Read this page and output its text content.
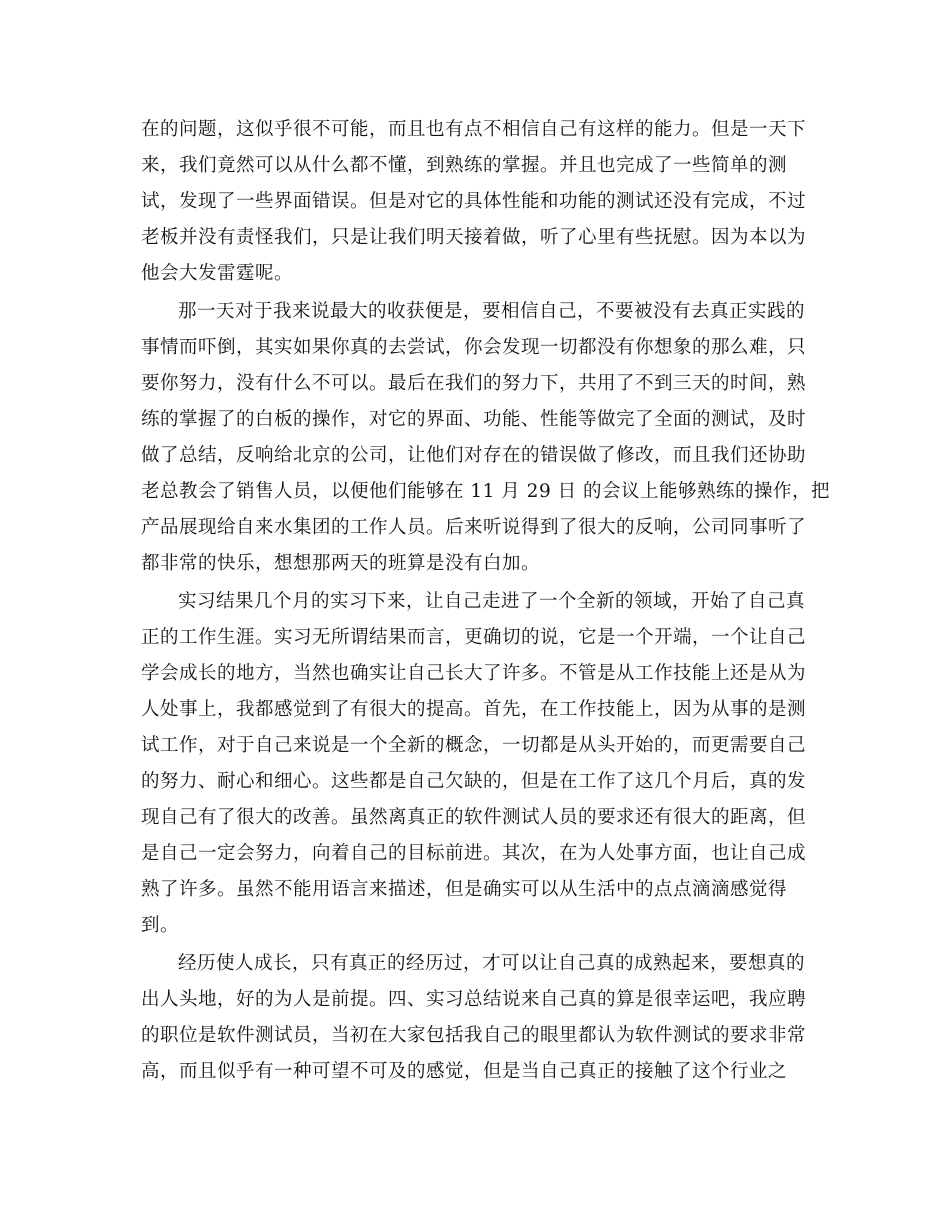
在的问题，这似乎很不可能，而且也有点不相信自己有这样的能力。但是一天下
来，我们竟然可以从什么都不懂，到熟练的掌握。并且也完成了一些简单的测
试，发现了一些界面错误。但是对它的具体性能和功能的测试还没有完成，不过
老板并没有责怪我们，只是让我们明天接着做，听了心里有些抚慰。因为本以为
他会大发雷霆呢。
那一天对于我来说最大的收获便是，要相信自己，不要被没有去真正实践的
事情而吓倒，其实如果你真的去尝试，你会发现一切都没有你想象的那么难，只
要你努力，没有什么不可以。最后在我们的努力下，共用了不到三天的时间，熟
练的掌握了的白板的操作，对它的界面、功能、性能等做完了全面的测试，及时
做了总结，反响给北京的公司，让他们对存在的错误做了修改，而且我们还协助
老总教会了销售人员，以便他们能够在 11 月 29 日 的会议上能够熟练的操作，把
产品展现给自来水集团的工作人员。后来听说得到了很大的反响，公司同事听了
都非常的快乐，想想那两天的班算是没有白加。
实习结果几个月的实习下来，让自己走进了一个全新的领域，开始了自己真
正的工作生涯。实习无所谓结果而言，更确切的说，它是一个开端，一个让自己
学会成长的地方，当然也确实让自己长大了许多。不管是从工作技能上还是从为
人处事上，我都感觉到了有很大的提高。首先，在工作技能上，因为从事的是测
试工作，对于自己来说是一个全新的概念，一切都是从头开始的，而更需要自己
的努力、耐心和细心。这些都是自己欠缺的，但是在工作了这几个月后，真的发
现自己有了很大的改善。虽然离真正的软件测试人员的要求还有很大的距离，但
是自己一定会努力，向着自己的目标前进。其次，在为人处事方面，也让自己成
熟了许多。虽然不能用语言来描述，但是确实可以从生活中的点点滴滴感觉得
到。
经历使人成长，只有真正的经历过，才可以让自己真的成熟起来，要想真的
出人头地，好的为人是前提。四、实习总结说来自己真的算是很幸运吧，我应聘
的职位是软件测试员，当初在大家包括我自己的眼里都认为软件测试的要求非常
高，而且似乎有一种可望不可及的感觉，但是当自己真正的接触了这个行业之
